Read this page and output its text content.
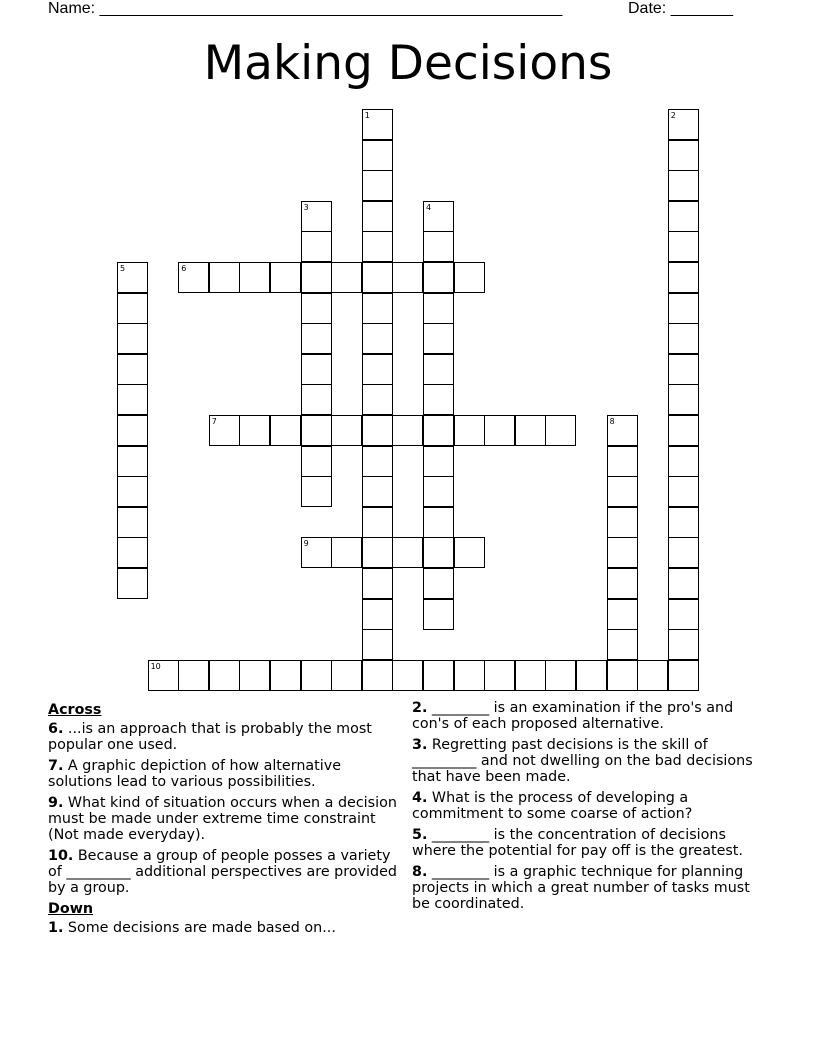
Name: ____________________________________________________	Date: _______
Making Decisions
1	2
3	4
5	6
7	8
9
10
Across
6. ...is an approach that is probably the most popular one used.
7. A graphic depiction of how alternative solutions lead to various possibilities.
9. What kind of situation occurs when a decision must be made under extreme time constraint (Not made everyday).
10. Because a group of people posses a variety of _________ additional perspectives are provided by a group.
Down
1. Some decisions are made based on...
2. ________ is an examination if the pro's and con's of each proposed alternative.
3. Regretting past decisions is the skill of _________ and not dwelling on the bad decisions that have been made.
4. What is the process of developing a commitment to some coarse of action?
5. ________ is the concentration of decisions where the potential for pay off is the greatest.
8. ________ is a graphic technique for planning projects in which a great number of tasks must be coordinated.
